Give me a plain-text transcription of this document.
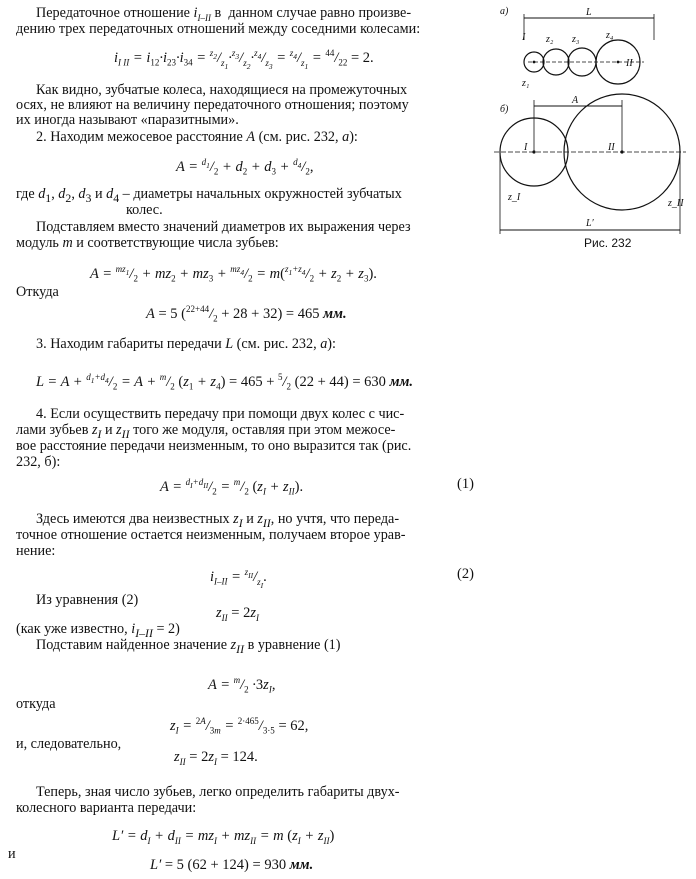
Передаточное отношение $i_{I-II}$ в  данном случае равно произве-
дению трех передаточных отношений между соседними колесами:
$i_{I II} = i_{12}\cdot i_{23}\cdot i_{34} = ^{z_2}/_{z_1}\cdot^{z_3}/_{z_2}\cdot^{z_4}/_{z_3} = ^{z_4}/_{z_1} = ^{44}/_{22} = 2$.
Как видно, зубчатые колеса, находящиеся на промежуточных
осях, не влияют на величину передаточного отношения; поэтому
их иногда называют «паразитными».
2. Находим межосевое расстояние A (см. рис. 232, а):
$A = ^{d_1}/_2 + d_2 + d_3 + ^{d_4}/_2$,
где $d_1$, $d_2$, $d_3$ и $d_4$ – диаметры начальных окружностей зубчатых
колес.
Подставляем вместо значений диаметров их выражения через
модуль m и соответствующие числа зубьев:
$A = ^{mz_1}/_2 + mz_2 + mz_3 + ^{mz_4}/_2 = m(^{z_1+z_4}/_2 + z_2 + z_3)$.
Откуда
A = 5 $(^{22+44}/_2 + 28 + 32) = 465$ мм.
3. Находим габариты передачи L (см. рис. 232, а):
$L = A + ^{d_1+d_4}/_2 = A + ^m/_2$ $(z_1 + z_4) = 465 + ^5/_2$ (22 + 44) = 630 мм.
4. Если осуществить передачу при помощи двух колес с чис-
лами зубьев $z_I$ и $z_{II}$ того же модуля, оставляя при этом межосе-
вое расстояние передачи неизменным, то оно выразится так (рис.
232, б):
$A = ^{d_I+d_{II}}/_2 = ^m/_2$ $(z_I + z_{II})$.	(1)
Здесь имеются два неизвестных $z_I$ и $z_{II}$, но учтя, что переда-
точное отношение остается неизменным, получаем второе урав-
нение:
$i_{I-II} = ^{z_{II}}/_{z_I}$.	(2)
Из уравнения (2)
$z_{II} = 2z_I$
(как уже известно, $i_{I-II} = 2$)
Подставим найденное значение $z_{II}$ в уравнение (1)
$A = ^m/_2 \cdot 3z_I$,
откуда
$z_I = ^{2A}/_{3m} = ^{2\cdot 465}/_{3\cdot 5} = 62$,
и, следовательно,
$z_{II} = 2z_I = 124$.
Теперь, зная число зубьев, легко определить габариты двух-
колесного варианта передачи:
$L' = d_I + d_{II} = mz_I + mz_{II} = m$ $(z_I + z_{II})$
и
L′ = 5 (62 + 124) = 930 мм.
а)	L
I z₂ z₃	z₄
II
z₁
б)
A
I	II
z_I
z_II
L′
Рис. 232
